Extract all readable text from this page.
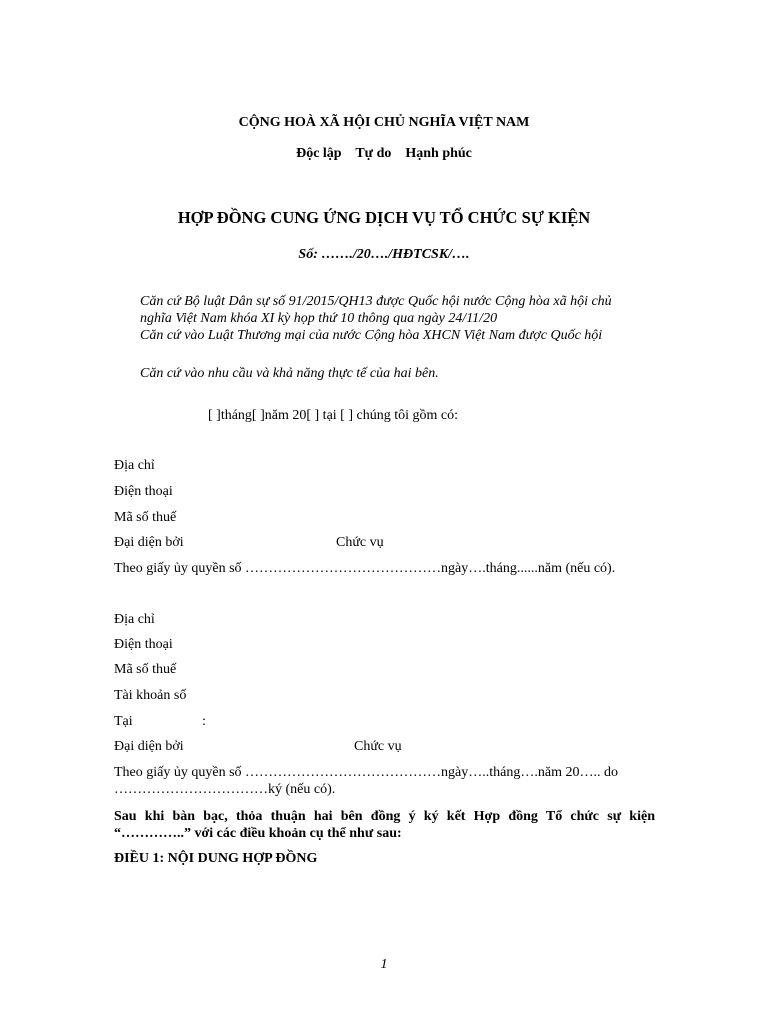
CỘNG HOÀ XÃ HỘI CHỦ NGHĨA VIỆT NAM
Độc lập    Tự do    Hạnh phúc
HỢP ĐỒNG CUNG ỨNG DỊCH VỤ TỔ CHỨC SỰ KIỆN
Số: ……./20…./HĐTCSK/….
Căn cứ Bộ luật Dân sự số 91/2015/QH13 được Quốc hội nước Cộng hòa xã hội chủ
nghĩa Việt Nam khóa XI kỳ họp thứ 10 thông qua ngày 24/11/20
Căn cứ vào Luật Thương mại của nước Cộng hòa XHCN Việt Nam được Quốc hội
Căn cứ vào nhu cầu và khả năng thực tế của hai bên.
[ ]tháng[ ]năm 20[ ] tại [ ] chúng tôi gồm có:
Địa chỉ
Điện thoại
Mã số thuế
Đại diện bởi	Chức vụ
Theo giấy ủy quyền số ……………………………………ngày….tháng......năm (nếu có).
Địa chỉ
Điện thoại
Mã số thuế
Tài khoản số
Tại	:
Đại diện bởi	Chức vụ
Theo giấy ủy quyền số ……………………………………ngày…..tháng….năm 20….. do
……………………………ký (nếu có).
Sau khi bàn bạc, thỏa thuận hai bên đồng ý ký kết Hợp đồng Tổ chức sự kiện “…………..” với các điều khoản cụ thể như sau:
ĐIỀU 1: NỘI DUNG HỢP ĐỒNG
1
